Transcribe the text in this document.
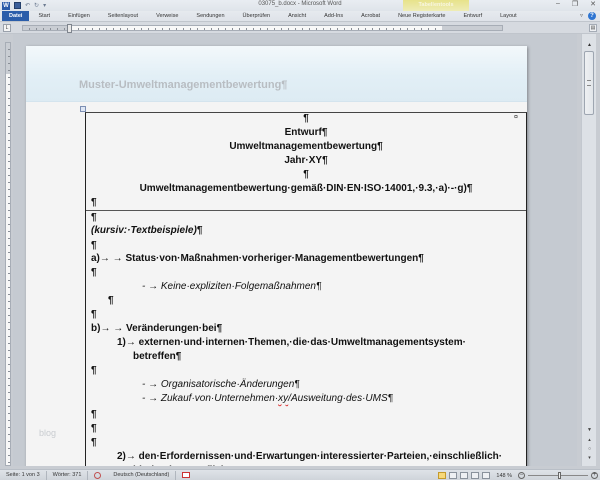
W	↶ ↻ ▾	03075_b.docx - Microsoft Word	– ❐ ✕
Tabellentools
Datei	Start	Einfügen	Seitenlayout	Verweise	Sendungen	Überprüfen	Ansicht	Add-Ins	Acrobat	Neue Registerkarte	Entwurf	Layout	▿	?
L	▤
Muster-Umweltmanagementbewertung¶
¤
¶
Entwurf¶
Umweltmanagementbewertung¶
Jahr·XY¶
¶
Umweltmanagementbewertung·gemäß·DIN·EN·ISO·14001,·9.3,·a)·-·g)¶
¶
¶
(kursiv:·Textbeispiele)¶
¶
a)→ → Status·von·Maßnahmen·vorheriger·Managementbewertungen¶
¶
- → Keine·expliziten·Folgemaßnahmen¶
¶
¶
b)→ → Veränderungen·bei¶
1)→ externen·und·internen·Themen,·die·das·Umweltmanagementsystem·
betreffen¶
¶
- → Organisatorische·Änderungen¶
- → Zukauf·von·Unternehmen·xy/Ausweitung·des·UMS¶
¶
¶
¶
2)→ den·Erfordernissen·und·Erwartungen·interessierter·Parteien,·einschließlich·
blog
▲
▼
▴
○
▾
Seite: 1 von 3	Wörter: 371	Deutsch (Deutschland)	148 % −	+
